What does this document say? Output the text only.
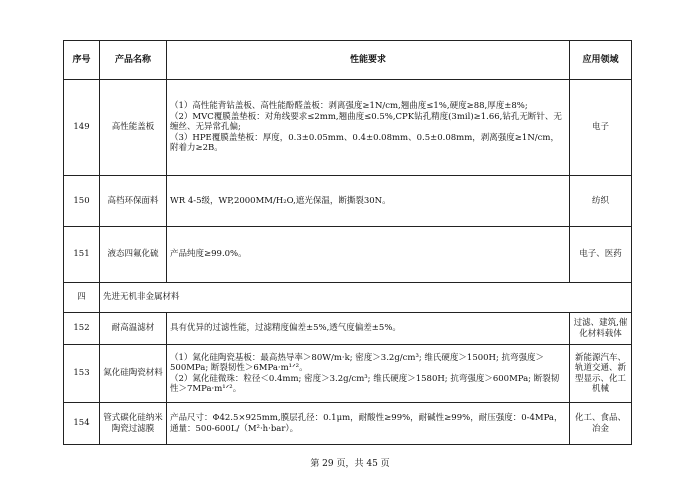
序号	产品名称	性能要求	应用领域
149	高性能盖板	（1）高性能背钻盖板、高性能酚醛盖板：剥离强度≥1N/cm,翘曲度≤1%,硬度≥88,厚度±8%;
（2）MVC覆膜盖垫板：对角线要求≤2mm,翘曲度≤0.5%,CPK钻孔精度(3mil)≥1.66,钻孔无断针、无缠丝、无异常孔偏;
（3）HPE覆膜盖垫板：厚度，0.3±0.05mm、0.4±0.08mm、0.5±0.08mm，剥离强度≥1N/cm，附着力≥2B。	电子
150	高档环保面料	WR 4-5级，WP,2000MM/H₂O,遮光保温，断撕裂30N。	纺织
151	液态四氟化硫	产品纯度≥99.0%。	电子、医药
四	先进无机非金属材料		
152	耐高温滤材	具有优异的过滤性能，过滤精度偏差±5%,透气度偏差±5%。	过滤、建筑,催化材料载体
153	氮化硅陶瓷材料	（1）氮化硅陶瓷基板：最高热导率＞80W/m·k; 密度＞3.2g/cm³; 维氏硬度＞1500H; 抗弯强度＞500MPa; 断裂韧性＞6MPa·m¹ᐟ²。
（2）氮化硅微珠：粒径＜0.4mm; 密度＞3.2g/cm³; 维氏硬度＞1580H; 抗弯强度＞600MPa; 断裂韧性＞7MPa·m¹ᐟ²。	新能源汽车、轨道交通、新型显示、化工机械
154	管式碳化硅纳米陶瓷过滤膜	产品尺寸：Φ42.5×925mm,膜层孔径：0.1μm，耐酸性≥99%，耐碱性≥99%，耐压强度：0-4MPa，通量：500-600L/（M²·h·bar）。	化工、食品、冶金
第 29 页，共 45 页
